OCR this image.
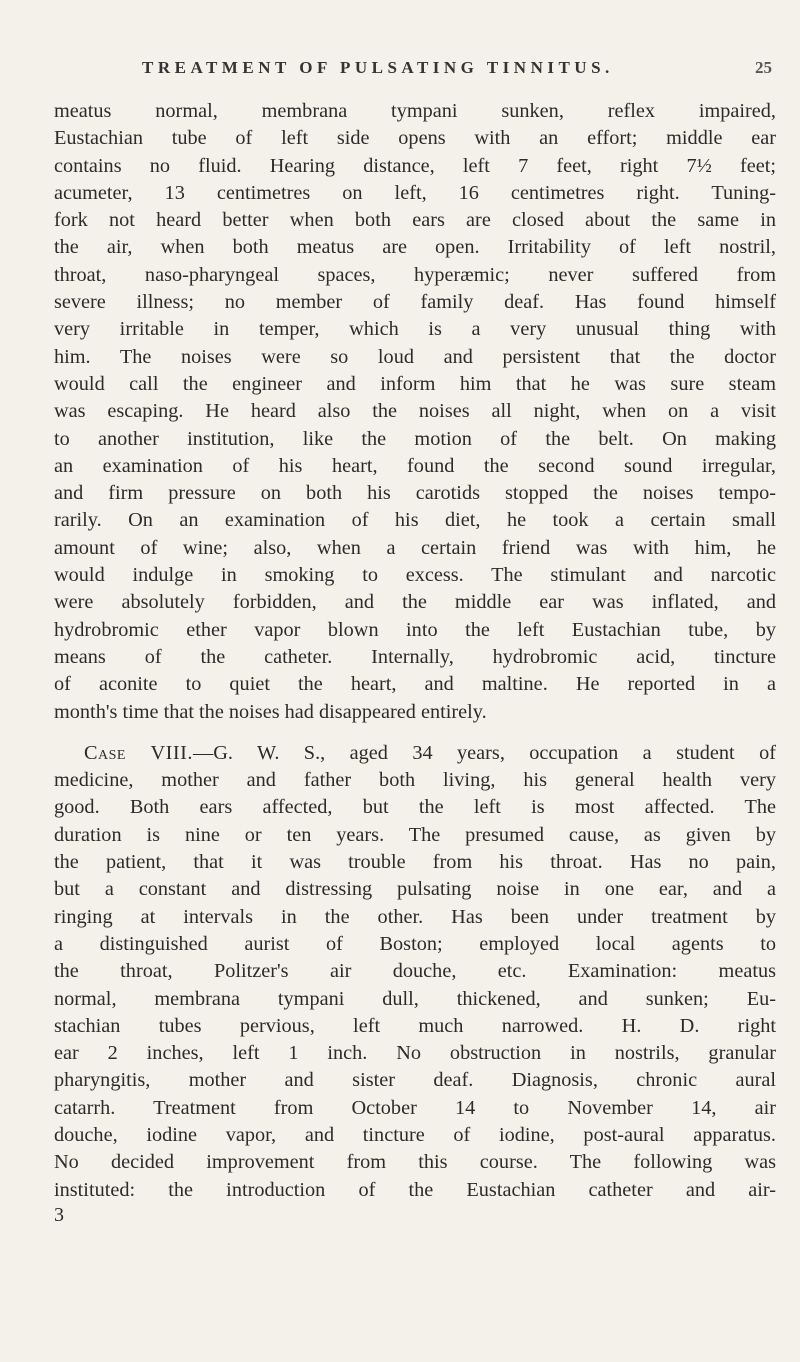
TREATMENT OF PULSATING TINNITUS.	25
meatus normal, membrana tympani sunken, reflex impaired,
Eustachian tube of left side opens with an effort; middle ear
contains no fluid. Hearing distance, left 7 feet, right 7½ feet;
acumeter, 13 centimetres on left, 16 centimetres right. Tuning-
fork not heard better when both ears are closed about the same in
the air, when both meatus are open. Irritability of left nostril,
throat, naso-pharyngeal spaces, hyperæmic; never suffered from
severe illness; no member of family deaf. Has found himself
very irritable in temper, which is a very unusual thing with
him. The noises were so loud and persistent that the doctor
would call the engineer and inform him that he was sure steam
was escaping. He heard also the noises all night, when on a visit
to another institution, like the motion of the belt. On making
an examination of his heart, found the second sound irregular,
and firm pressure on both his carotids stopped the noises tempo-
rarily. On an examination of his diet, he took a certain small
amount of wine; also, when a certain friend was with him, he
would indulge in smoking to excess. The stimulant and narcotic
were absolutely forbidden, and the middle ear was inflated, and
hydrobromic ether vapor blown into the left Eustachian tube, by
means of the catheter. Internally, hydrobromic acid, tincture
of aconite to quiet the heart, and maltine. He reported in a
month's time that the noises had disappeared entirely.
Case VIII.—G. W. S., aged 34 years, occupation a student of
medicine, mother and father both living, his general health very
good. Both ears affected, but the left is most affected. The
duration is nine or ten years. The presumed cause, as given by
the patient, that it was trouble from his throat. Has no pain,
but a constant and distressing pulsating noise in one ear, and a
ringing at intervals in the other. Has been under treatment by
a distinguished aurist of Boston; employed local agents to
the throat, Politzer's air douche, etc. Examination: meatus
normal, membrana tympani dull, thickened, and sunken; Eu-
stachian tubes pervious, left much narrowed. H. D. right
ear 2 inches, left 1 inch. No obstruction in nostrils, granular
pharyngitis, mother and sister deaf. Diagnosis, chronic aural
catarrh. Treatment from October 14 to November 14, air
douche, iodine vapor, and tincture of iodine, post-aural apparatus.
No decided improvement from this course. The following was
instituted: the introduction of the Eustachian catheter and air-
3
